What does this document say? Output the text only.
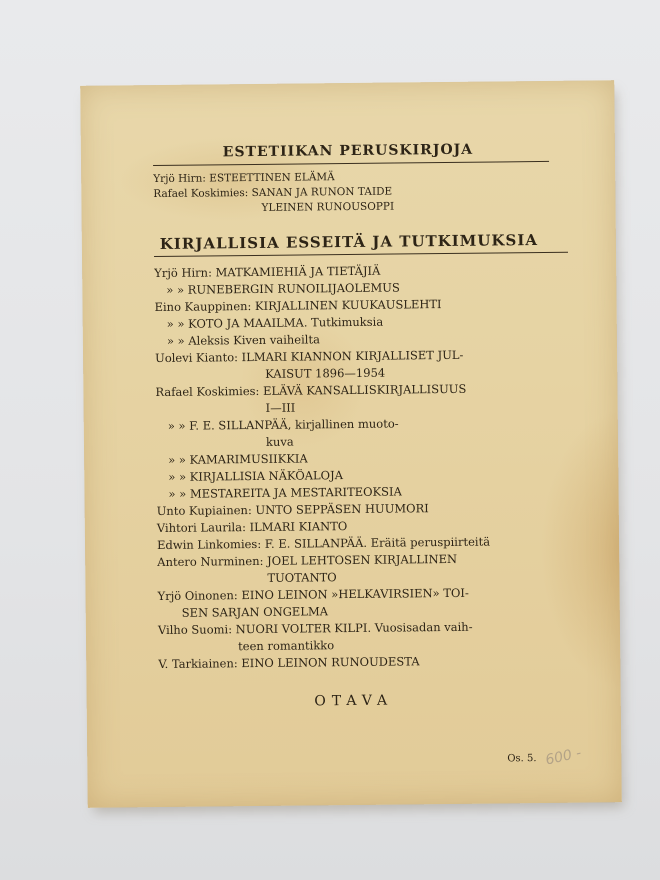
ESTETIIKAN PERUSKIRJOJA
Yrjö Hirn: ESTEETTINEN ELÄMÄ
Rafael Koskimies: SANAN JA RUNON TAIDE
YLEINEN RUNOUSOPPI
KIRJALLISIA ESSEITÄ JA TUTKIMUKSIA
Yrjö Hirn: MATKAMIEHIÄ JA TIETÄJIÄ
» » RUNEBERGIN RUNOILIJAOLEMUS
Eino Kauppinen: KIRJALLINEN KUUKAUSLEHTI
» » KOTO JA MAAILMA. Tutkimuksia
» » Aleksis Kiven vaiheilta
Uolevi Kianto: ILMARI KIANNON KIRJALLISET JUL-
KAISUT 1896—1954
Rafael Koskimies: ELÄVÄ KANSALLISKIRJALLISUUS
I—III
» » F. E. SILLANPÄÄ, kirjallinen muoto-
kuva
» » KAMARIMUSIIKKIA
» » KIRJALLISIA NÄKÖALOJA
» » MESTAREITA JA MESTARITEOKSIA
Unto Kupiainen: UNTO SEPPÄSEN HUUMORI
Vihtori Laurila: ILMARI KIANTO
Edwin Linkomies: F. E. SILLANPÄÄ. Eräitä peruspiirteitä
Antero Nurminen: JOEL LEHTOSEN KIRJALLINEN
TUOTANTO
Yrjö Oinonen: EINO LEINON »HELKAVIRSIEN» TOI-
SEN SARJAN ONGELMA
Vilho Suomi: NUORI VOLTER KILPI. Vuosisadan vaih-
teen romantikko
V. Tarkiainen: EINO LEINON RUNOUDESTA
OTAVA
Os. 5. 600 -
